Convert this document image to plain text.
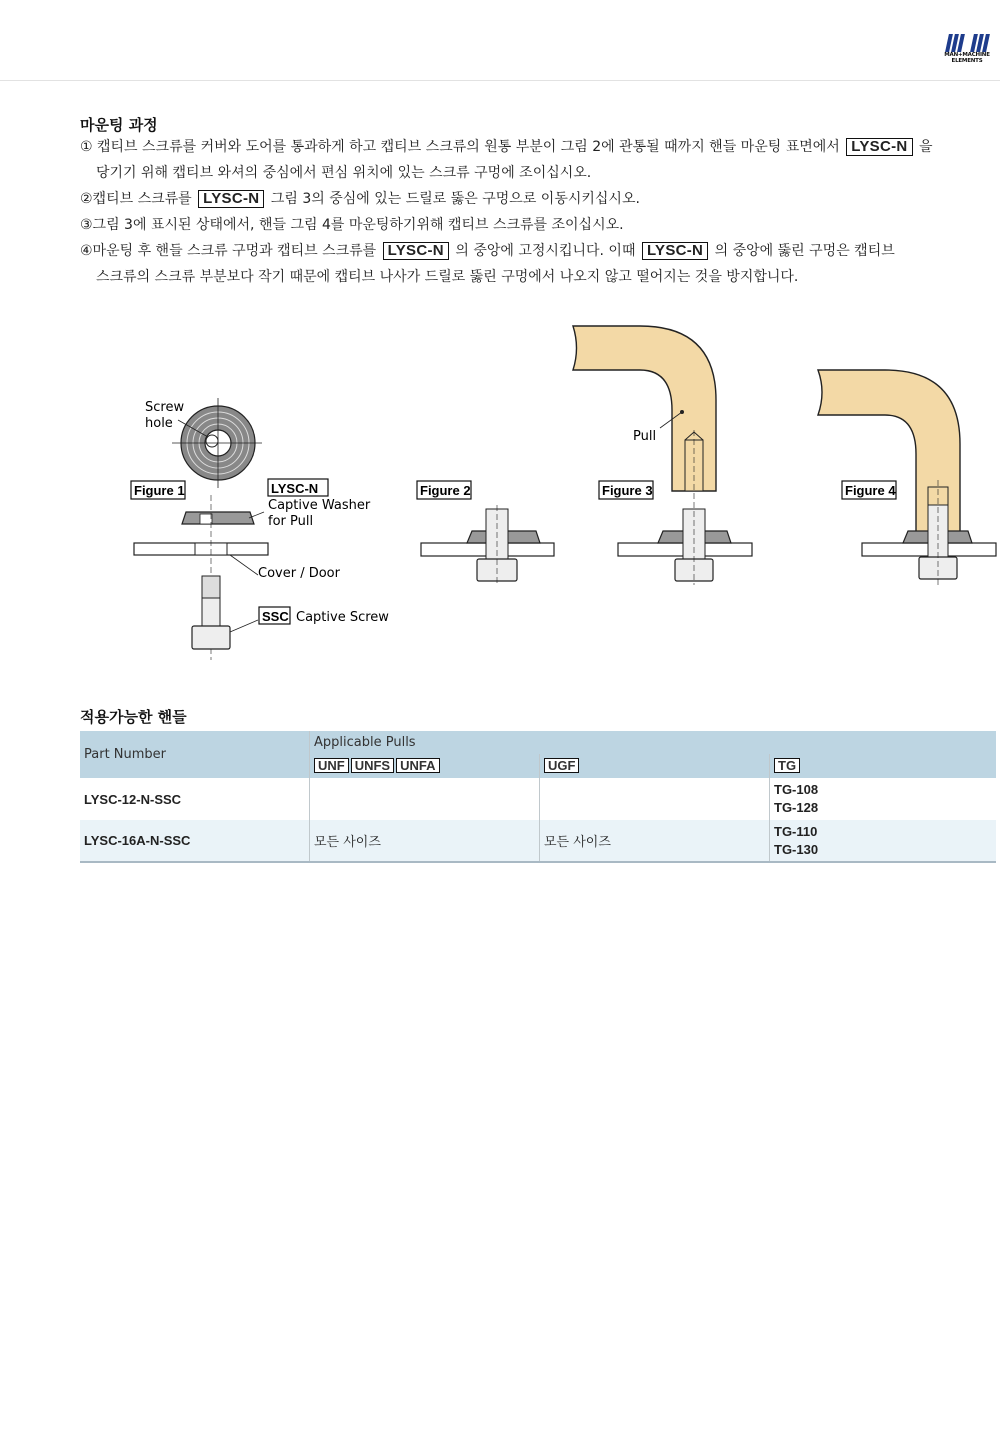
MAN+MACHINE
ELEMENTS
마운팅 과정

① 캡티브 스크류를 커버와 도어를 통과하게 하고 캡티브 스크류의 원통 부분이 그림 2에 관통될 때까지 핸들 마운팅 표면에서 LYSC-N 을

당기기 위해 캡티브 와셔의 중심에서 편심 위치에 있는 스크류 구멍에 조이십시오.

②캡티브 스크류를 LYSC-N 그림 3의 중심에 있는 드릴로 뚫은 구멍으로 이동시키십시오.

③그림 3에 표시된 상태에서, 핸들 그림 4를 마운팅하기위해 캡티브 스크류를 조이십시오.

④마운팅 후 핸들 스크류 구멍과 캡티브 스크류를 LYSC-N 의 중앙에 고정시킵니다. 이때 LYSC-N 의 중앙에 뚫린 구멍은 캡티브

스크류의 스크류 부분보다 작기 때문에 캡티브 나사가 드릴로 뚫린 구멍에서 나오지 않고 떨어지는 것을 방지합니다.

Screw
hole
Figure 1	LYSC-N
Captive Washer
for Pull
Cover / Door
SSC Captive Screw
Figure 2	Figure 3
Pull
Figure 4
적용가능한 핸들
Part Number	Applicable Pulls		
	UNF UNFS UNFA	UGF	TG
LYSC-12-N-SSC			TG-108
TG-128

LYSC-16A-N-SSC	모든 사이즈	모든 사이즈	TG-110
TG-130
